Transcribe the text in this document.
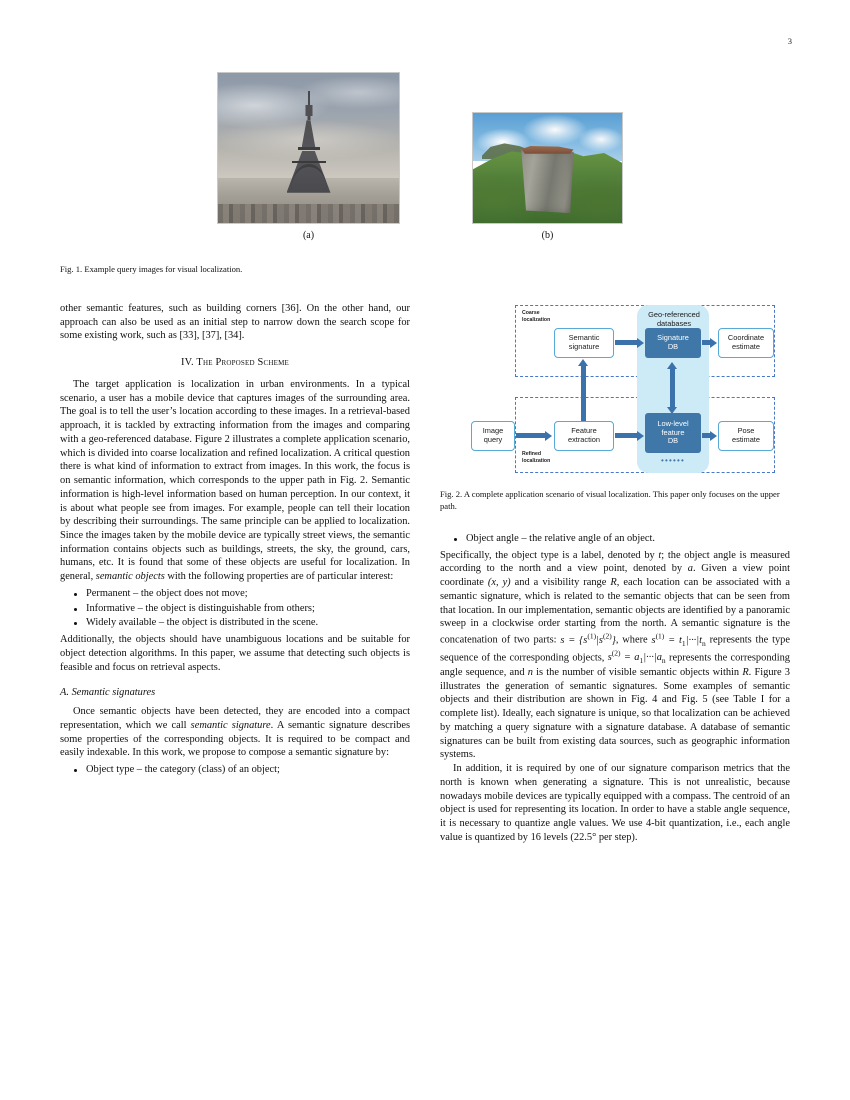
3
(a)	(b)
Fig. 1. Example query images for visual localization.

other semantic features, such as building corners [36]. On the other hand, our approach can also be used as an initial step to narrow down the search scope for some existing work, such as [33], [37], [34].

IV. The Proposed Scheme

The target application is localization in urban environments. In a typical scenario, a user has a mobile device that captures images of the surrounding area. The goal is to tell the user’s location according to these images. In a retrieval-based approach, it is tackled by extracting information from the images and comparing with a geo-referenced database. Figure 2 illustrates a complete application scenario, which is divided into coarse localization and refined localization. A critical question there is what kind of information to extract from images. In this work, the focus is on semantic information, which corresponds to the upper path in Fig. 2. Semantic information is high-level information based on human perception. In our context, it is about what people see from images. For example, people can tell their location by describing their surroundings. The same principle can be applied to localization. Since the images taken by the mobile device are typically street views, the semantic information contains objects such as buildings, streets, the sky, the ground, cars, humans, etc. It is found that some of these objects are useful for localization. In general, semantic objects with the following properties are of particular interest:

Permanent – the object does not move;
Informative – the object is distinguishable from others;
Widely available – the object is distributed in the scene.

Additionally, the objects should have unambiguous locations and be suitable for object detection algorithms. In this paper, we assume that detecting such objects is feasible and focus on retrieval aspects.

A. Semantic signatures

Once semantic objects have been detected, they are encoded into a compact representation, which we call semantic signature. A semantic signature describes some properties of the corresponding objects. It is required to be compact and easily indexable. In this work, we propose to compose a semantic signature by:

Object type – the category (class) of an object;
Coarse
localization
Refined
localization
Geo-referenced
databases
Semantic
signature
Signature
DB
Coordinate
estimate
Image
query
Feature
extraction
Low-level
feature
DB
Pose
estimate
••••••
Fig. 2. A complete application scenario of visual localization. This paper only focuses on the upper path.
Object angle – the relative angle of an object.

Specifically, the object type is a label, denoted by t; the object angle is measured according to the north and a view point, denoted by a. Given a view point coordinate (x, y) and a visibility range R, each location can be associated with a semantic signature, which is related to the semantic objects that can be seen from that location. In our implementation, semantic objects are identified by a panoramic sweep in a clockwise order starting from the north. A semantic signature is the concatenation of two parts: $s = \{s^{(1)}|s^{(2)}\}$, where $s^{(1)} = t_1|\cdot\cdot\cdot|t_n$ represents the type sequence of the corresponding objects, $s^{(2)} = a_1|\cdot\cdot\cdot|a_n$ represents the corresponding angle sequence, and n is the number of visible semantic objects within R. Figure 3 illustrates the generation of semantic signatures. Some examples of semantic objects and their distribution are shown in Fig. 4 and Fig. 5 (see Table I for a complete list). Ideally, each signature is unique, so that localization can be achieved by matching a query signature with a signature database. A database of semantic signatures can be built from existing data sources, such as geographic information systems.

In addition, it is required by one of our signature comparison metrics that the north is known when generating a signature. This is not unrealistic, because nowadays mobile devices are typically equipped with a compass. The centroid of an object is used for representing its location. In order to have a stable angle sequence, it is necessary to quantize angle values. We use 4-bit quantization, i.e., each angle value is quantized by 16 levels (22.5° per step).
